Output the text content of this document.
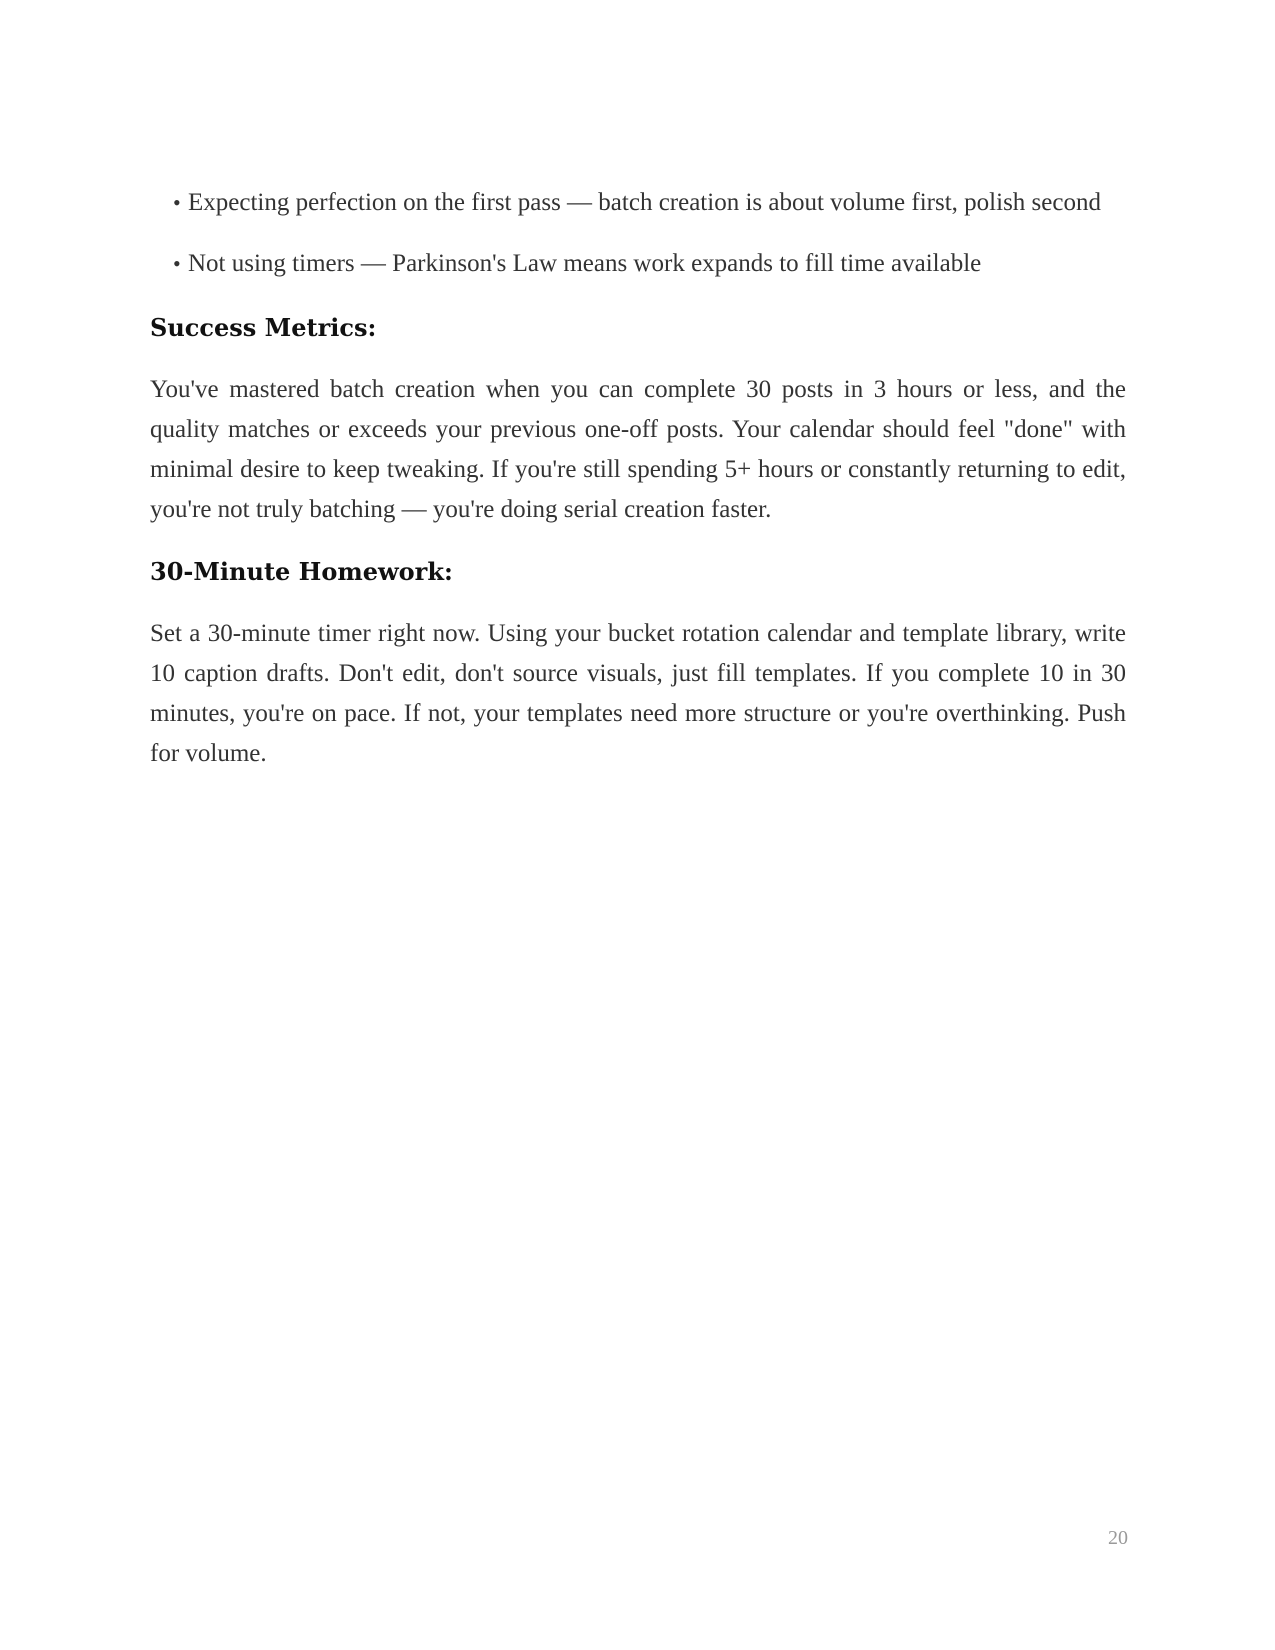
• Expecting perfection on the first pass — batch creation is about volume first, polish second
• Not using timers — Parkinson's Law means work expands to fill time available
Success Metrics:

You've mastered batch creation when you can complete 30 posts in 3 hours or less, and the quality matches or exceeds your previous one-off posts. Your calendar should feel "done" with minimal desire to keep tweaking. If you're still spending 5+ hours or constantly returning to edit, you're not truly batching — you're doing serial creation faster.

30-Minute Homework:

Set a 30-minute timer right now. Using your bucket rotation calendar and template library, write 10 caption drafts. Don't edit, don't source visuals, just fill templates. If you complete 10 in 30 minutes, you're on pace. If not, your templates need more structure or you're overthinking. Push for volume.

20
